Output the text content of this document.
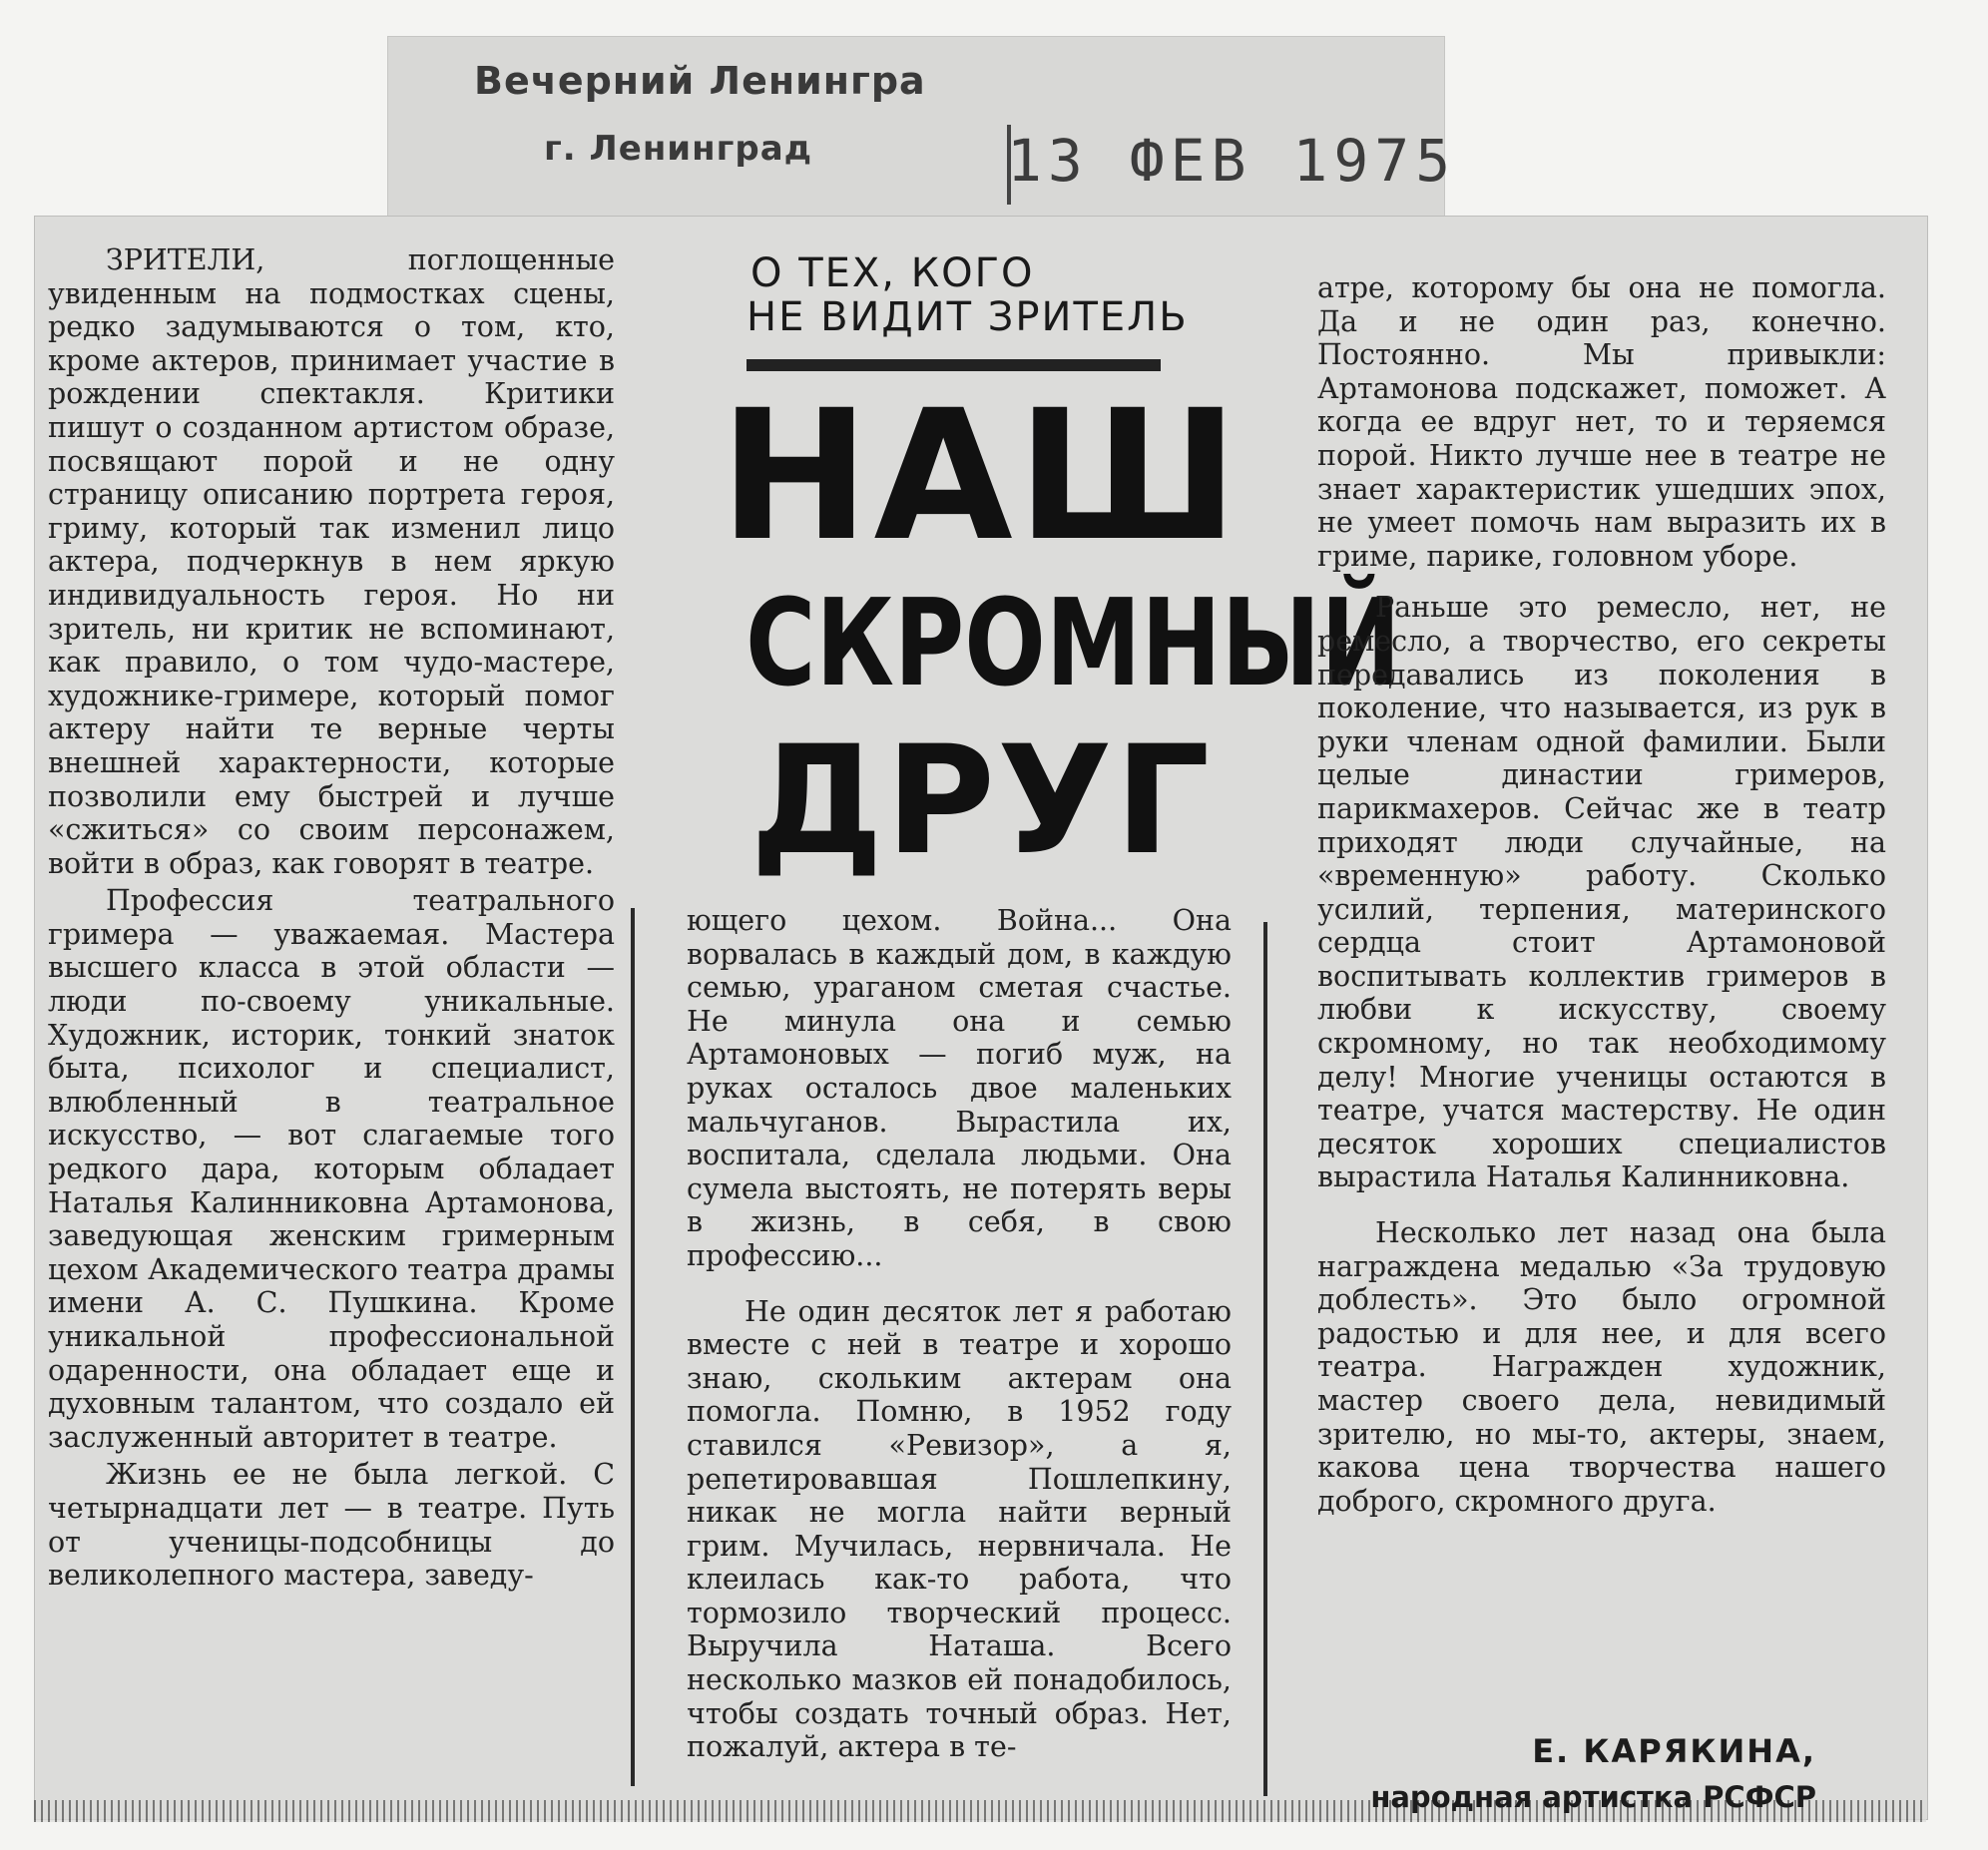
Вечерний Ленингра
г. Ленинград	13 ФЕВ 1975
О ТЕХ, КОГО
НЕ ВИДИТ ЗРИТЕЛЬ
НАШ
СКРОМНЫЙ
ДРУГ

ЗРИТЕЛИ, поглощенные увиденным на подмостках сцены, редко задумываются о том, кто, кроме актеров, принимает участие в рождении спектакля. Критики пишут о созданном артистом образе, посвящают порой и не одну страницу описанию портрета героя, гриму, который так изменил лицо актера, подчеркнув в нем яркую индивидуальность героя. Но ни зритель, ни критик не вспоминают, как правило, о том чудо-мастере, художнике-гримере, который помог актеру найти те верные черты внешней характерности, которые позволили ему быстрей и лучше «сжиться» со своим персонажем, войти в образ, как говорят в театре.

Профессия театрального гримера — уважаемая. Мастера высшего класса в этой области — люди по-своему уникальные. Художник, историк, тонкий знаток быта, психолог и специалист, влюбленный в театральное искусство, — вот слагаемые того редкого дара, которым обладает Наталья Калинниковна Артамонова, заведующая женским гримерным цехом Академического театра драмы имени А. С. Пушкина. Кроме уникальной профессиональной одаренности, она обладает еще и духовным талантом, что создало ей заслуженный авторитет в театре.

Жизнь ее не была легкой. С четырнадцати лет — в театре. Путь от ученицы-подсобницы до великолепного мастера, заведу-

ющего цехом. Война... Она ворвалась в каждый дом, в каждую семью, ураганом сметая счастье. Не минула она и семью Артамоновых — погиб муж, на руках осталось двое маленьких мальчуганов. Вырастила их, воспитала, сделала людьми. Она сумела выстоять, не потерять веры в жизнь, в себя, в свою профессию...

Не один десяток лет я работаю вместе с ней в театре и хорошо знаю, скольким актерам она помогла. Помню, в 1952 году ставился «Ревизор», а я, репетировавшая Пошлепкину, никак не могла найти верный грим. Мучилась, нервничала. Не клеилась как-то работа, что тормозило творческий процесс. Выручила Наташа. Всего несколько мазков ей понадобилось, чтобы создать точный образ. Нет, пожалуй, актера в те-

атре, которому бы она не помогла. Да и не один раз, конечно. Постоянно. Мы привыкли: Артамонова подскажет, поможет. А когда ее вдруг нет, то и теряемся порой. Никто лучше нее в театре не знает характеристик ушедших эпох, не умеет помочь нам выразить их в гриме, парике, головном уборе.

Раньше это ремесло, нет, не ремесло, а творчество, его секреты передавались из поколения в поколение, что называется, из рук в руки членам одной фамилии. Были целые династии гримеров, парикмахеров. Сейчас же в театр приходят люди случайные, на «временную» работу. Сколько усилий, терпения, материнского сердца стоит Артамоновой воспитывать коллектив гримеров в любви к искусству, своему скромному, но так необходимому делу! Многие ученицы остаются в театре, учатся мастерству. Не один десяток хороших специалистов вырастила Наталья Калинниковна.

Несколько лет назад она была награждена медалью «За трудовую доблесть». Это было огромной радостью и для нее, и для всего театра. Награжден художник, мастер своего дела, невидимый зрителю, но мы-то, актеры, знаем, какова цена творчества нашего доброго, скромного друга.

Е. КАРЯКИНА,
народная артистка РСФСР
